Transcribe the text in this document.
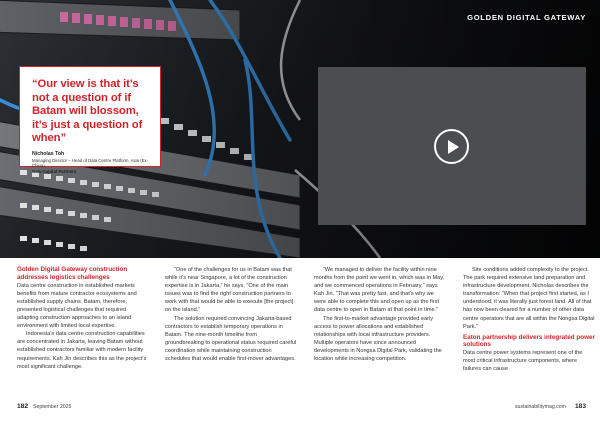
GOLDEN DIGITAL GATEWAY
“Our view is that it’s not a question of if Batam will blossom, it’s just a question of when”
Nicholas Toh
Managing Director – Head of Data Centre Platform, Asia (Ex-China),
Gaw Capital Partners
Golden Digital Gateway construction addresses logistics challenges

Data centre construction in established markets benefits from mature contractor ecosystems and established supply chains. Batam, therefore, presented logistical challenges that required adapting construction approaches to an island environment with limited local expertise.

Indonesia’s data centre construction capabilities are concentrated in Jakarta, leaving Batam without established contractors familiar with modern facility requirements. Kah Jin describes this as the project’s most significant challenge.

“One of the challenges for us in Batam was that while it’s near Singapore, a lot of the construction expertise is in Jakarta,” he says. “One of the main issues was to find the right construction partners to work with that would be able to execute [the project] on the island.”

The solution required convincing Jakarta-based contractors to establish temporary operations in Batam. The nine-month timeline from groundbreaking to operational status required careful coordination while maintaining construction schedules that would enable first-mover advantages.

“We managed to deliver the facility within nine months from the point we went in, which was in May, and we commenced operations in February,” says Kah Jin. “That was pretty fast, and that’s why we were able to complete this and open up as the first data centre to open in Batam at that point in time.”

The first-to-market advantage provided early access to power allocations and established relationships with local infrastructure providers. Multiple operators have since announced developments in Nongsa Digital Park, validating the location while increasing competition.

Site conditions added complexity to the project. The park required extensive land preparation and infrastructure development. Nicholas describes the transformation: “When that project first started, as I understood, it was literally just forest land. All of that has now been cleared for a number of other data centre operators that are all within the Nongsa Digital Park.”

Eaton partnership delivers integrated power solutions

Data centre power systems represent one of the most critical infrastructure components, where failures can cause

182 September 2025	sustainabilitymag.com 183
